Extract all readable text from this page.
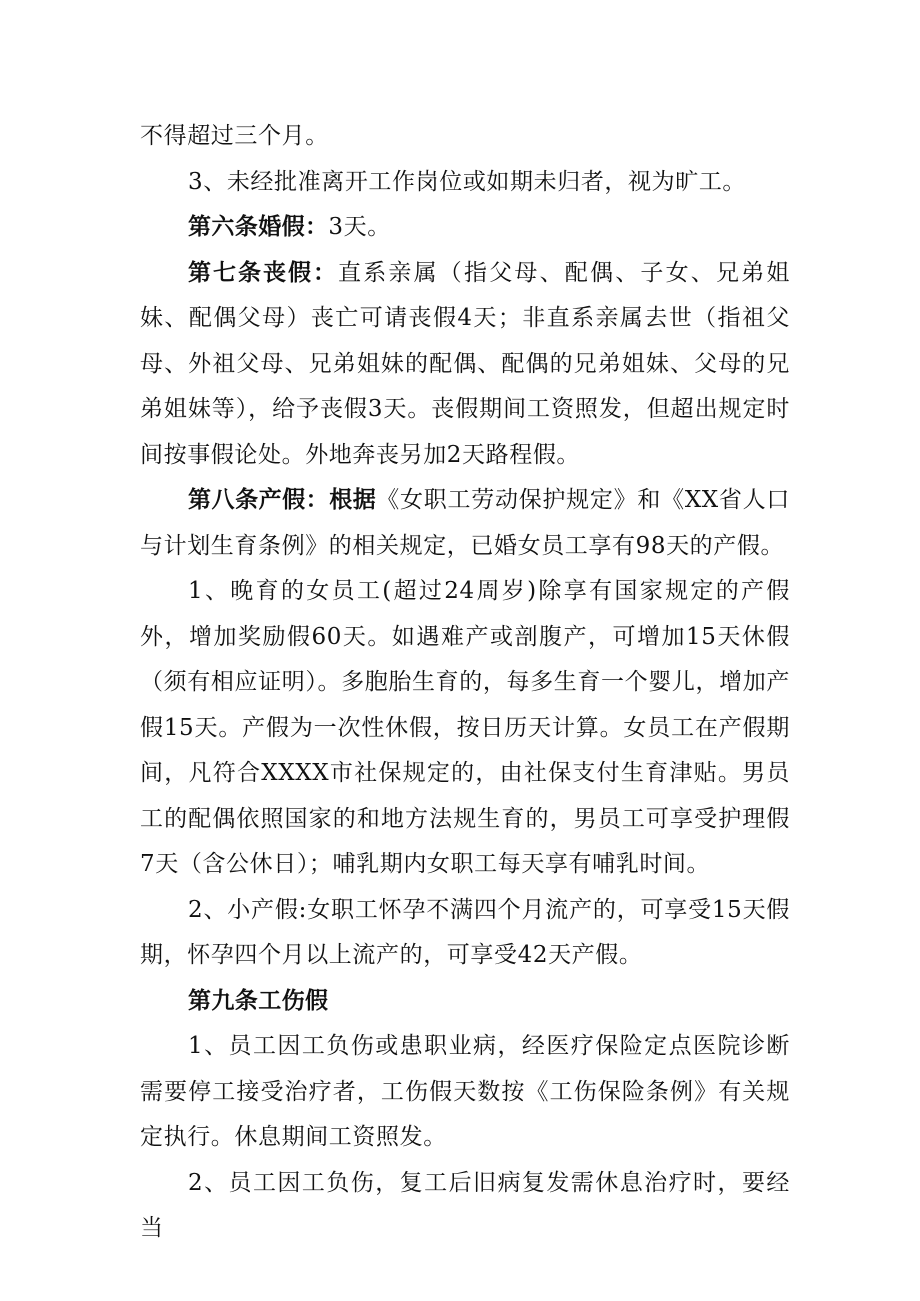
不得超过三个月。

3、未经批准离开工作岗位或如期未归者，视为旷工。

第六条婚假：3天。

第七条丧假：直系亲属（指父母、配偶、子女、兄弟姐妹、配偶父母）丧亡可请丧假4天；非直系亲属去世（指祖父母、外祖父母、兄弟姐妹的配偶、配偶的兄弟姐妹、父母的兄弟姐妹等），给予丧假3天。丧假期间工资照发，但超出规定时间按事假论处。外地奔丧另加2天路程假。

第八条产假：根据《女职工劳动保护规定》和《XX省人口与计划生育条例》的相关规定，已婚女员工享有98天的产假。

1、晚育的女员工(超过24周岁)除享有国家规定的产假外，增加奖励假60天。如遇难产或剖腹产，可增加15天休假（须有相应证明）。多胞胎生育的，每多生育一个婴儿，增加产假15天。产假为一次性休假，按日历天计算。女员工在产假期间，凡符合XXXX市社保规定的，由社保支付生育津贴。男员工的配偶依照国家的和地方法规生育的，男员工可享受护理假7天（含公休日）；哺乳期内女职工每天享有哺乳时间。

2、小产假:女职工怀孕不满四个月流产的，可享受15天假期，怀孕四个月以上流产的，可享受42天产假。

第九条工伤假

1、员工因工负伤或患职业病，经医疗保险定点医院诊断需要停工接受治疗者，工伤假天数按《工伤保险条例》有关规定执行。休息期间工资照发。

2、员工因工负伤，复工后旧病复发需休息治疗时，要经当
